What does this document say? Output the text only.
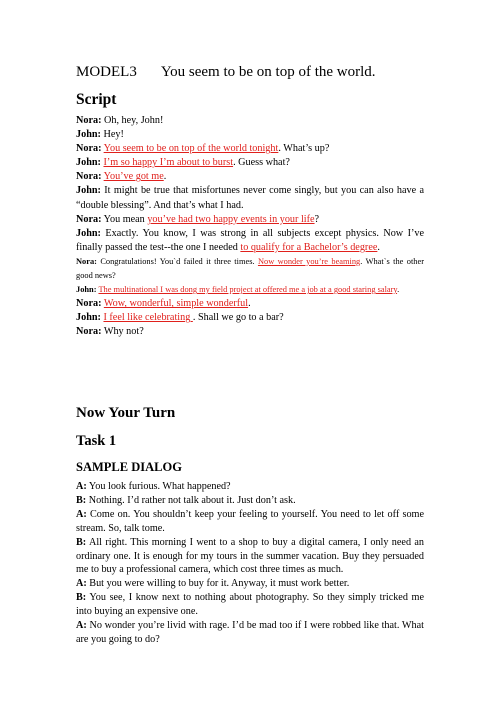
MODEL3 You seem to be on top of the world.
Script
Nora: Oh, hey, John!
John: Hey!
Nora: You seem to be on top of the world tonight. What’s up?
John: I’m so happy I’m about to burst. Guess what?
Nora: You’ve got me.
John: It might be true that misfortunes never come singly, but you can also have a “double blessing”. And that’s what I had.
Nora: You mean you’ve had two happy events in your life?
John: Exactly. You know, I was strong in all subjects except physics. Now I’ve finally passed the test--the one I needed to qualify for a Bachelor’s degree.
Nora: Congratulations! You`d failed it three times. Now wonder you’re beaming. What`s the other good news?
John: The multinational I was dong my field project at offered me a job at a good staring salary.
Nora: Wow, wonderful, simple wonderful.
John: I feel like celebrating . Shall we go to a bar?
Nora: Why not?
Now Your Turn
Task 1
SAMPLE DIALOG
A: You look furious. What happened?
B: Nothing. I’d rather not talk about it. Just don’t ask.
A: Come on. You shouldn’t keep your feeling to yourself. You need to let off some stream. So, talk tome.
B: All right. This morning I went to a shop to buy a digital camera, I only need an ordinary one. It is enough for my tours in the summer vacation. Buy they persuaded me to buy a professional camera, which cost three times as much.
A: But you were willing to buy for it. Anyway, it must work better.
B: You see, I know next to nothing about photography. So they simply tricked me into buying an expensive one.
A: No wonder you’re livid with rage. I’d be mad too if I were robbed like that. What are you going to do?
